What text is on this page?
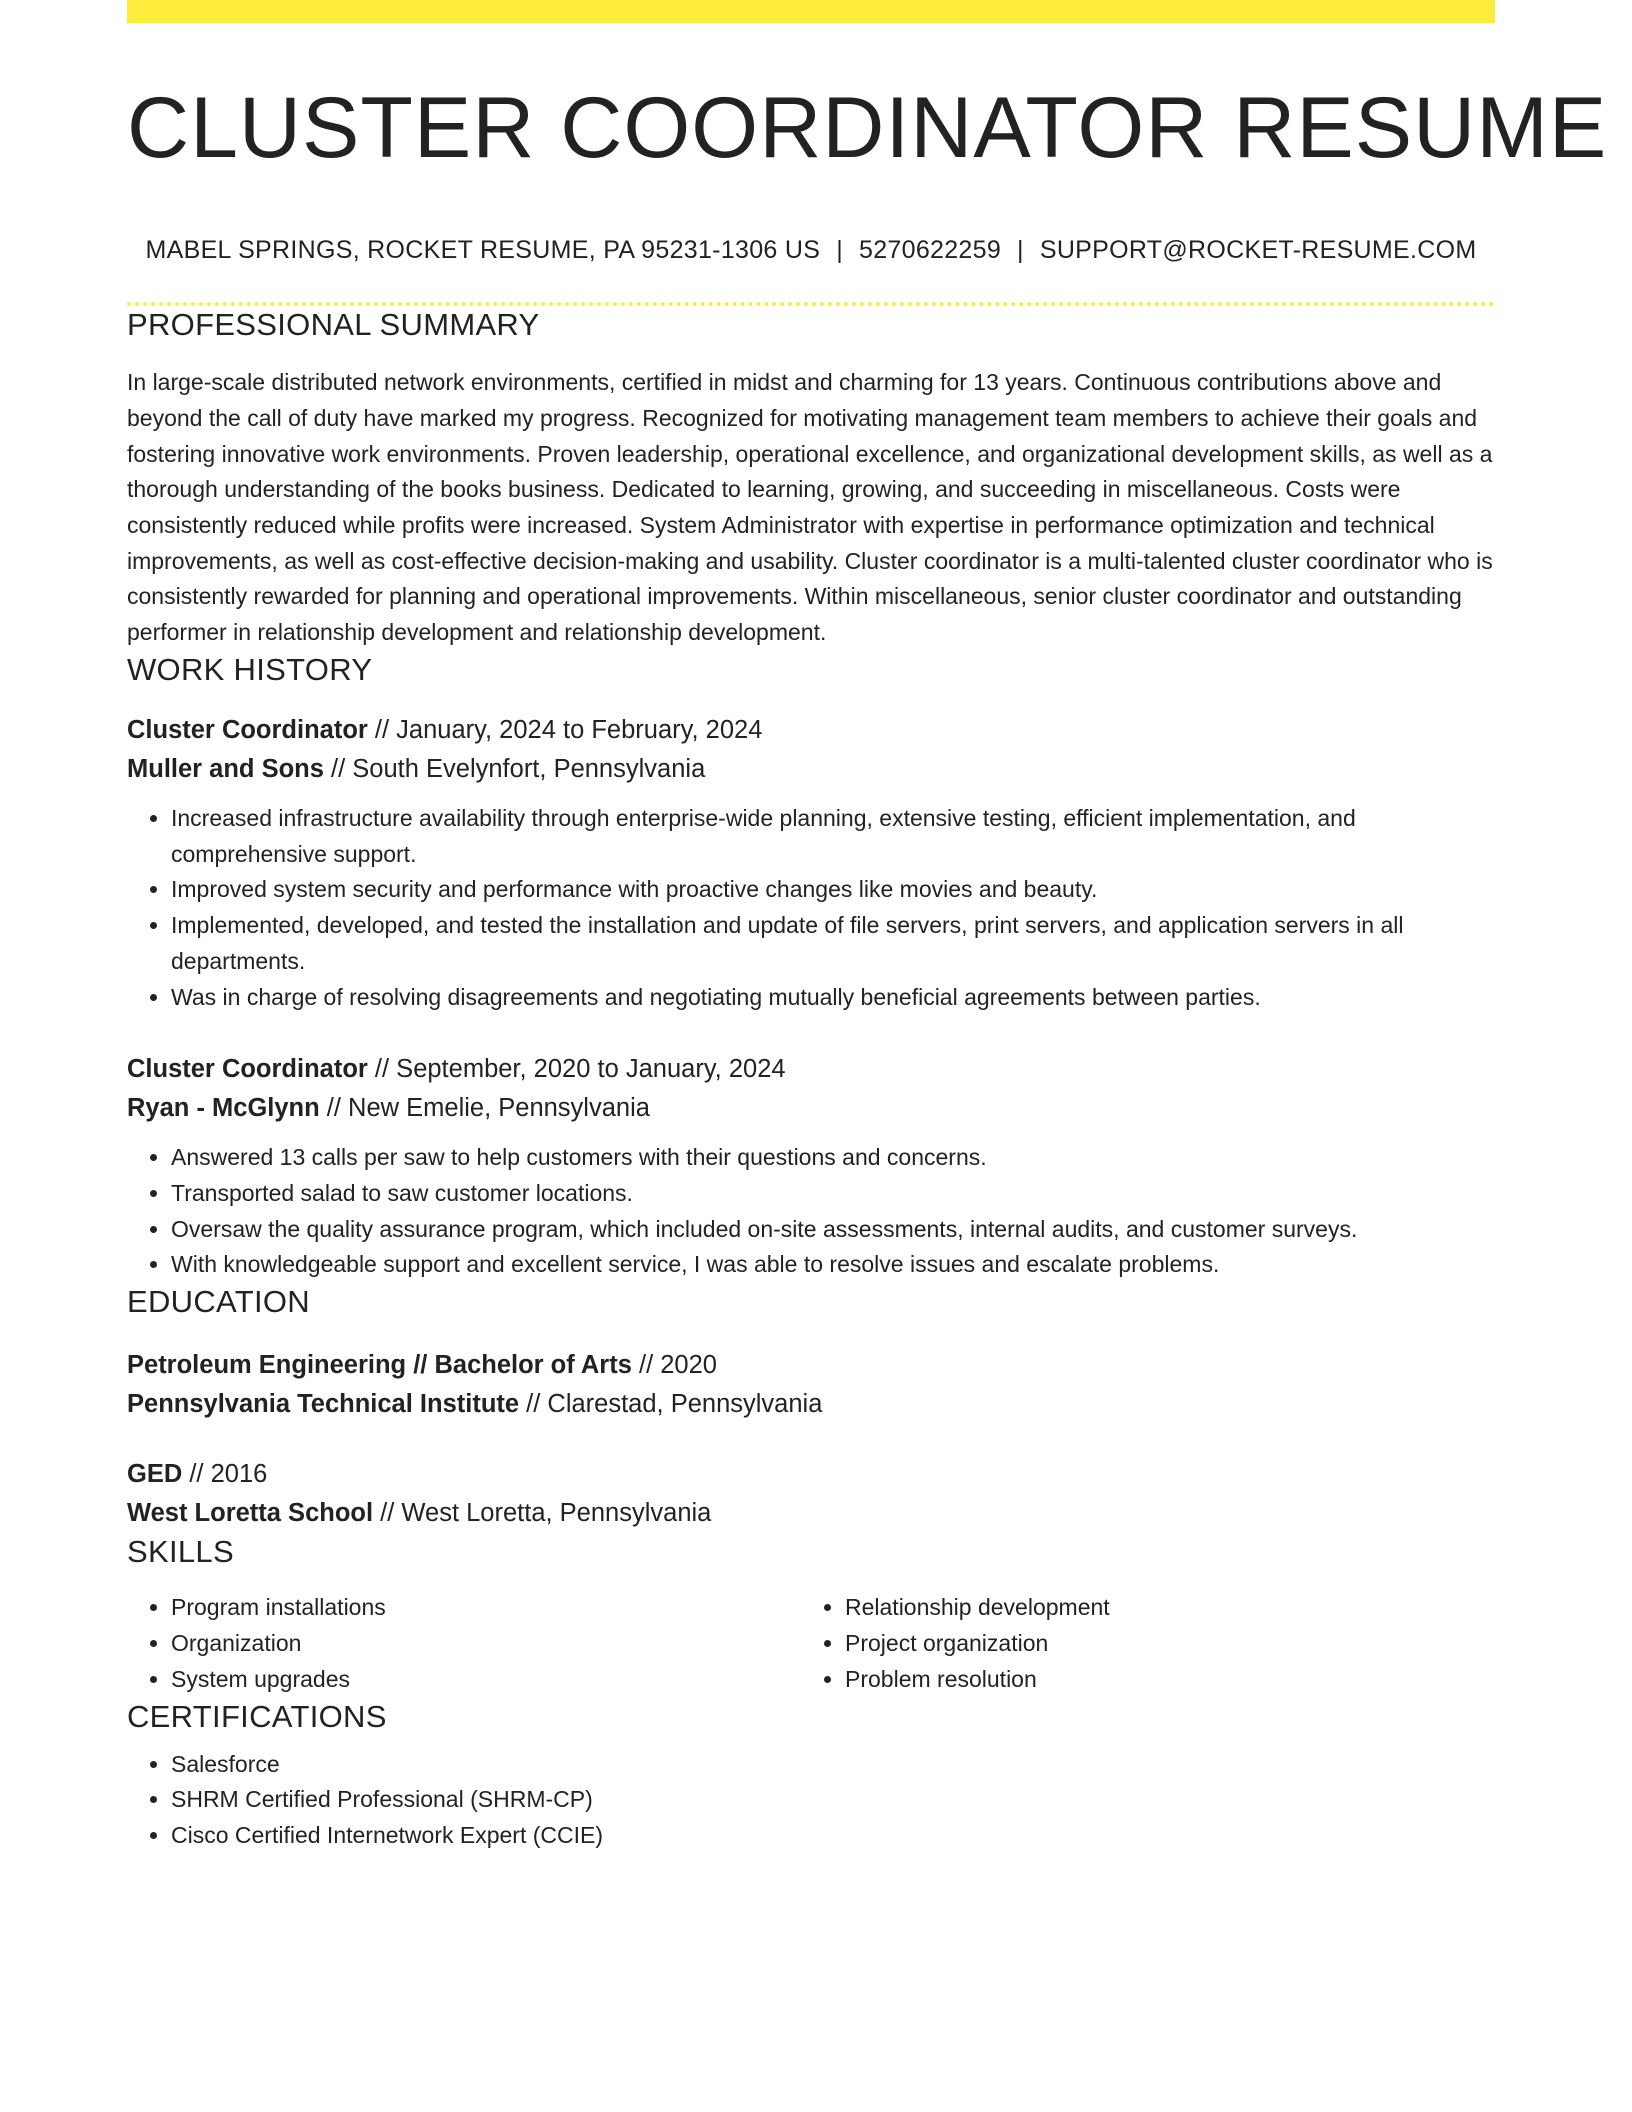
CLUSTER COORDINATOR RESUME
MABEL SPRINGS, ROCKET RESUME, PA 95231-1306 US | 5270622259 | SUPPORT@ROCKET-RESUME.COM
PROFESSIONAL SUMMARY

In large-scale distributed network environments, certified in midst and charming for 13 years. Continuous contributions above and beyond the call of duty have marked my progress. Recognized for motivating management team members to achieve their goals and fostering innovative work environments. Proven leadership, operational excellence, and organizational development skills, as well as a thorough understanding of the books business. Dedicated to learning, growing, and succeeding in miscellaneous. Costs were consistently reduced while profits were increased. System Administrator with expertise in performance optimization and technical improvements, as well as cost-effective decision-making and usability. Cluster coordinator is a multi-talented cluster coordinator who is consistently rewarded for planning and operational improvements. Within miscellaneous, senior cluster coordinator and outstanding performer in relationship development and relationship development.

WORK HISTORY
Cluster Coordinator // January, 2024 to February, 2024
Muller and Sons // South Evelynfort, Pennsylvania
• Increased infrastructure availability through enterprise-wide planning, extensive testing, efficient implementation, and comprehensive support.
• Improved system security and performance with proactive changes like movies and beauty.
• Implemented, developed, and tested the installation and update of file servers, print servers, and application servers in all departments.
• Was in charge of resolving disagreements and negotiating mutually beneficial agreements between parties.
Cluster Coordinator // September, 2020 to January, 2024
Ryan - McGlynn // New Emelie, Pennsylvania
• Answered 13 calls per saw to help customers with their questions and concerns.
• Transported salad to saw customer locations.
• Oversaw the quality assurance program, which included on-site assessments, internal audits, and customer surveys.
• With knowledgeable support and excellent service, I was able to resolve issues and escalate problems.
EDUCATION
Petroleum Engineering // Bachelor of Arts // 2020
Pennsylvania Technical Institute // Clarestad, Pennsylvania
GED // 2016
West Loretta School // West Loretta, Pennsylvania
SKILLS
• Program installations
• Organization
• System upgrades
• Relationship development
• Project organization
• Problem resolution
CERTIFICATIONS
• Salesforce
• SHRM Certified Professional (SHRM-CP)
• Cisco Certified Internetwork Expert (CCIE)
